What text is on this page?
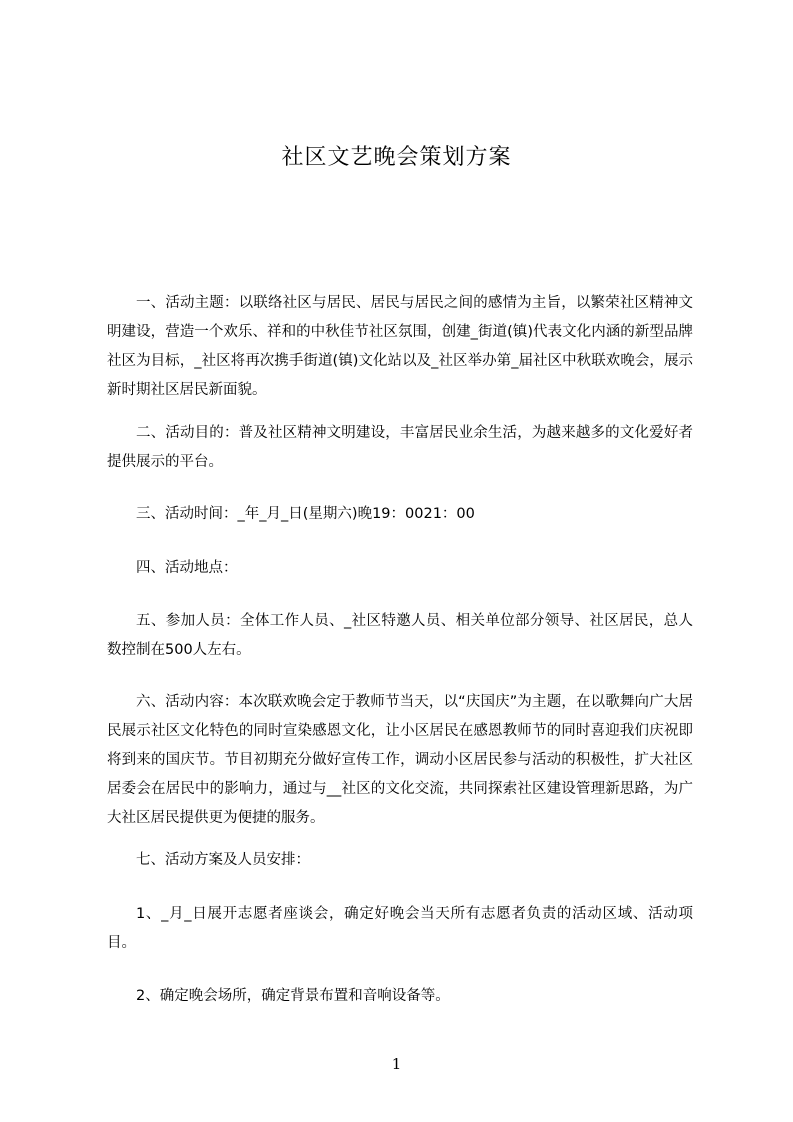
社区文艺晚会策划方案

一、活动主题：以联络社区与居民、居民与居民之间的感情为主旨，以繁荣社区精神文明建设，营造一个欢乐、祥和的中秋佳节社区氛围，创建_街道(镇)代表文化内涵的新型品牌社区为目标，_社区将再次携手街道(镇)文化站以及_社区举办第_届社区中秋联欢晚会，展示新时期社区居民新面貌。

二、活动目的：普及社区精神文明建设，丰富居民业余生活，为越来越多的文化爱好者提供展示的平台。

三、活动时间：_年_月_日(星期六)晚19：0021：00

四、活动地点：

五、参加人员：全体工作人员、_社区特邀人员、相关单位部分领导、社区居民，总人数控制在500人左右。

六、活动内容：本次联欢晚会定于教师节当天，以“庆国庆”为主题，在以歌舞向广大居民展示社区文化特色的同时宣染感恩文化，让小区居民在感恩教师节的同时喜迎我们庆祝即将到来的国庆节。节目初期充分做好宣传工作，调动小区居民参与活动的积极性，扩大社区居委会在居民中的影响力，通过与__社区的文化交流，共同探索社区建设管理新思路，为广大社区居民提供更为便捷的服务。

七、活动方案及人员安排：

1、_月_日展开志愿者座谈会，确定好晚会当天所有志愿者负责的活动区域、活动项目。

2、确定晚会场所，确定背景布置和音响设备等。

1
